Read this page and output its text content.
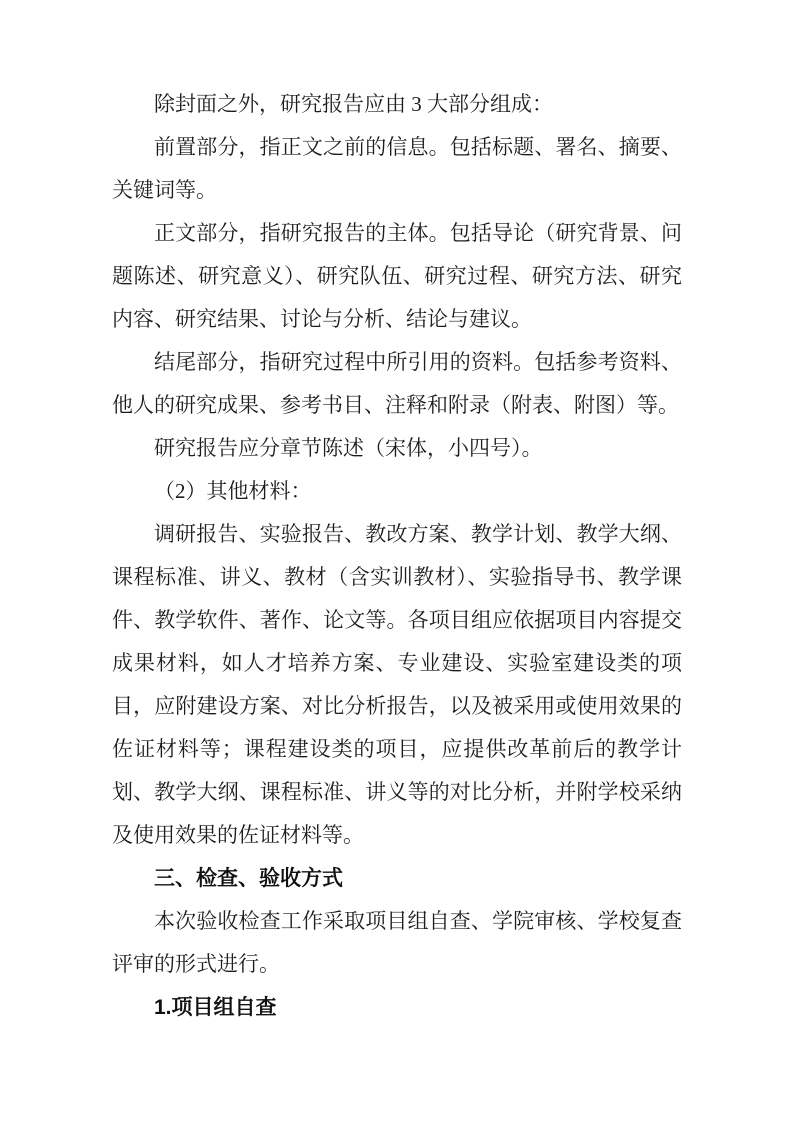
除封面之外，研究报告应由 3 大部分组成：

前置部分，指正文之前的信息。包括标题、署名、摘要、关键词等。

正文部分，指研究报告的主体。包括导论（研究背景、问题陈述、研究意义）、研究队伍、研究过程、研究方法、研究内容、研究结果、讨论与分析、结论与建议。

结尾部分，指研究过程中所引用的资料。包括参考资料、他人的研究成果、参考书目、注释和附录（附表、附图）等。

研究报告应分章节陈述（宋体，小四号）。

（2）其他材料：

调研报告、实验报告、教改方案、教学计划、教学大纲、课程标准、讲义、教材（含实训教材）、实验指导书、教学课件、教学软件、著作、论文等。各项目组应依据项目内容提交成果材料，如人才培养方案、专业建设、实验室建设类的项目，应附建设方案、对比分析报告，以及被采用或使用效果的佐证材料等；课程建设类的项目，应提供改革前后的教学计划、教学大纲、课程标准、讲义等的对比分析，并附学校采纳及使用效果的佐证材料等。

三、检查、验收方式

本次验收检查工作采取项目组自查、学院审核、学校复查评审的形式进行。

1.项目组自查
